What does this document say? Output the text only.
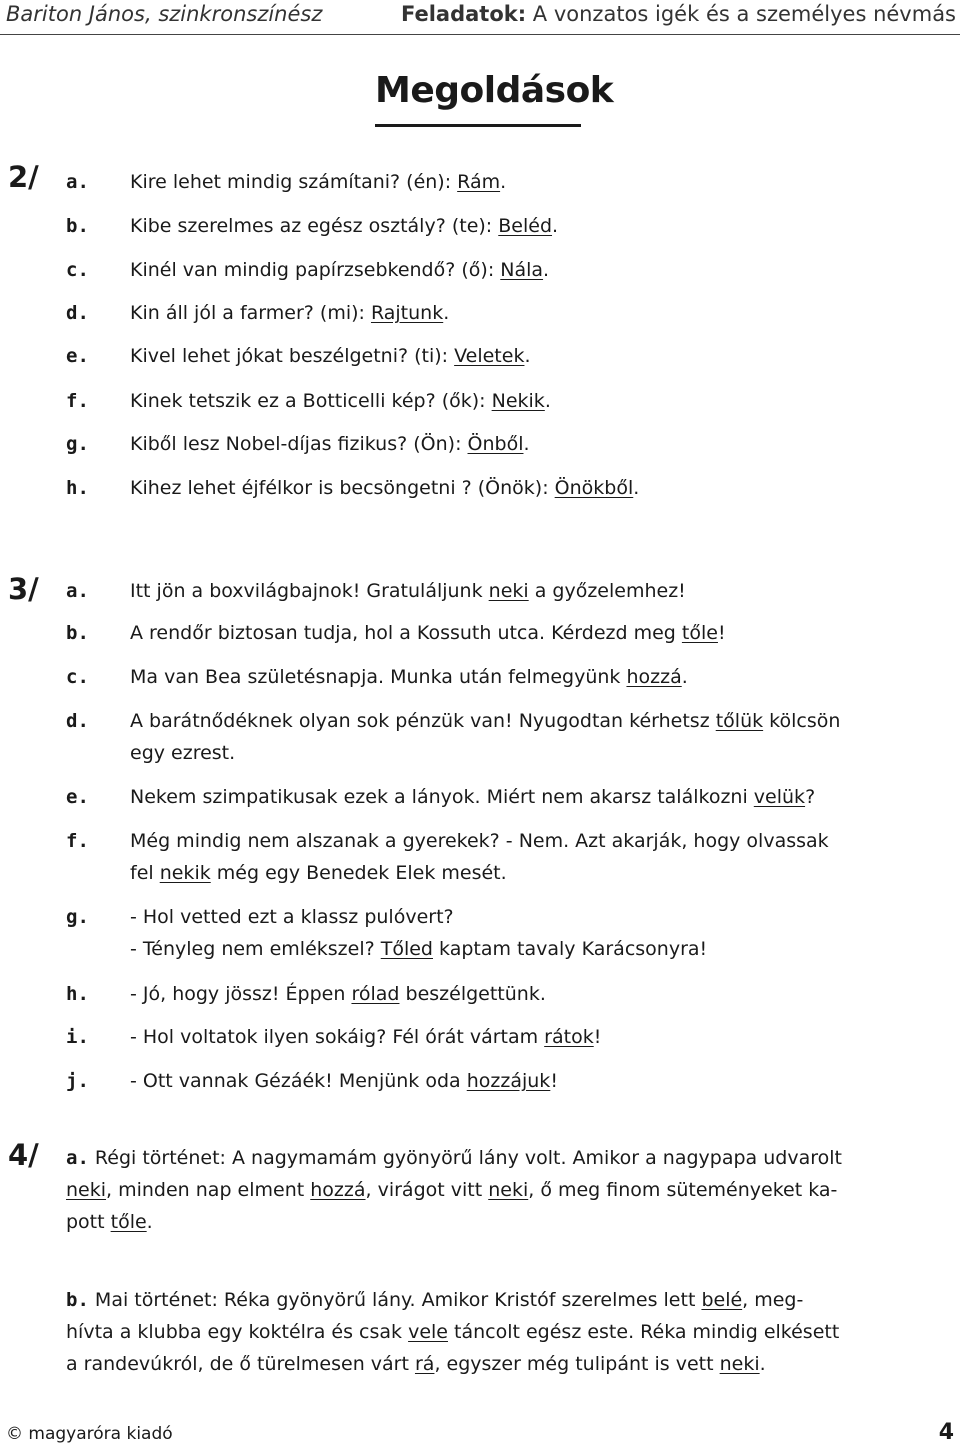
Bariton János, szinkronszínész	Feladatok: A vonzatos igék és a személyes névmás
Megoldások
2/ a.	Kire lehet mindig számítani? (én): Rám.
b.	Kibe szerelmes az egész osztály? (te): Beléd.
c.	Kinél van mindig papírzsebkendő? (ő): Nála.
d.	Kin áll jól a farmer? (mi): Rajtunk.
e.	Kivel lehet jókat beszélgetni? (ti): Veletek.
f.	Kinek tetszik ez a Botticelli kép? (ők): Nekik.
g.	Kiből lesz Nobel-díjas fizikus? (Ön): Önből.
h.	Kihez lehet éjfélkor is becsöngetni ? (Önök): Önökből.
3/ a.	Itt jön a boxvilágbajnok! Gratuláljunk neki a győzelemhez!
b.	A rendőr biztosan tudja, hol a Kossuth utca. Kérdezd meg tőle!
c.	Ma van Bea születésnapja. Munka után felmegyünk hozzá.
d.	A barátnődéknek olyan sok pénzük van! Nyugodtan kérhetsz tőlük kölcsön
egy ezrest.
e.	Nekem szimpatikusak ezek a lányok. Miért nem akarsz találkozni velük?
f.	Még mindig nem alszanak a gyerekek? - Nem. Azt akarják, hogy olvassak
fel nekik még egy Benedek Elek mesét.
g.	- Hol vetted ezt a klassz pulóvert?
- Tényleg nem emlékszel? Tőled kaptam tavaly Karácsonyra!
h.	- Jó, hogy jössz! Éppen rólad beszélgettünk.
i.	- Hol voltatok ilyen sokáig? Fél órát vártam rátok!
j.	- Ott vannak Gézáék! Menjünk oda hozzájuk!
4/ a. Régi történet: A nagymamám gyönyörű lány volt. Amikor a nagypapa udvarolt
neki, minden nap elment hozzá, virágot vitt neki, ő meg finom süteményeket ka-
pott tőle.
b. Mai történet: Réka gyönyörű lány. Amikor Kristóf szerelmes lett belé, meg-
hívta a klubba egy koktélra és csak vele táncolt egész este. Réka mindig elkésett
a randevúkról, de ő türelmesen várt rá, egyszer még tulipánt is vett neki.
© magyaróra kiadó	4
